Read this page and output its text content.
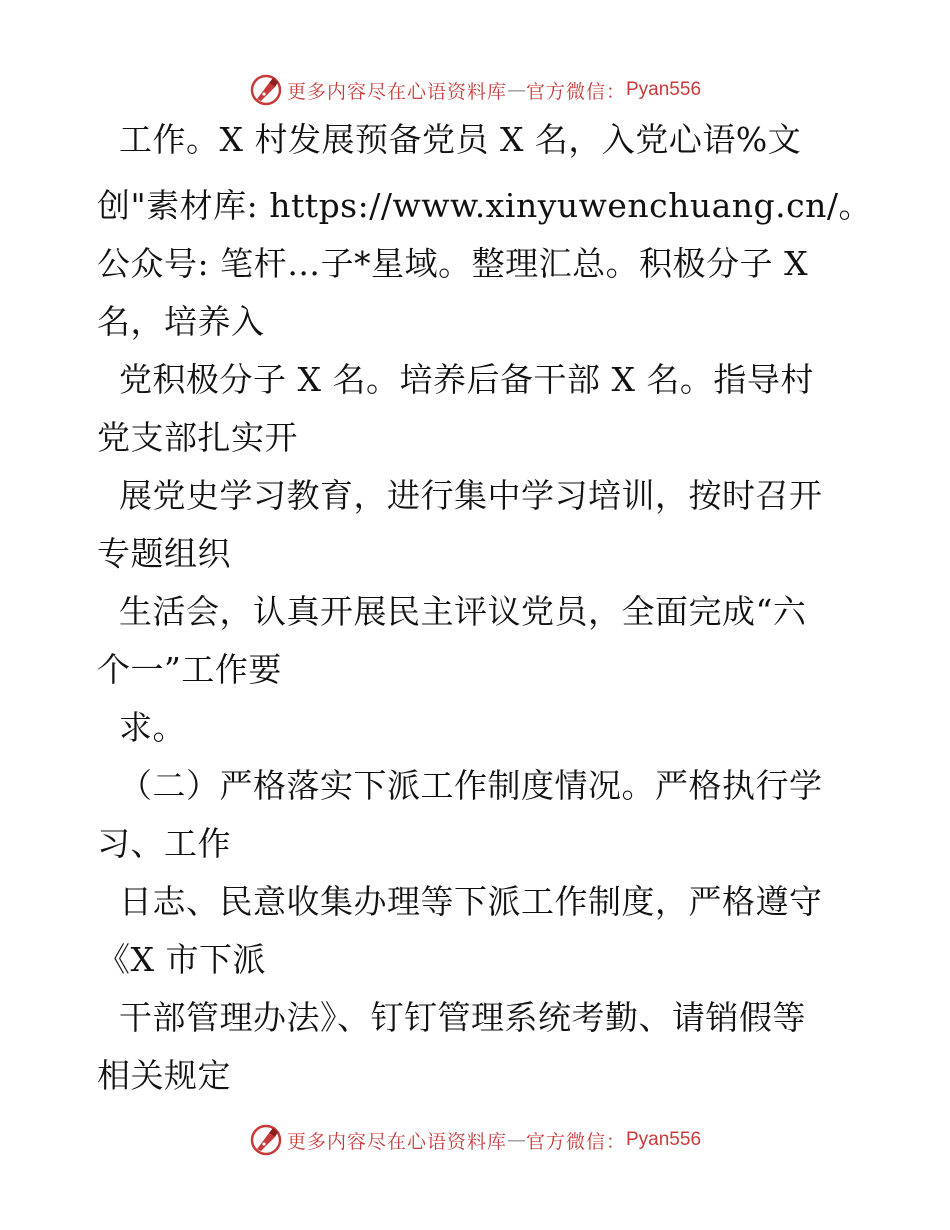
更多内容尽在心语资料库 — 官方微信： Pyan556
工作。X 村发展预备党员 X 名，入党心语%文
创"素材库: https://www.xinyuwenchuang.cn/。
公众号: 笔杆…子*星域。整理汇总。积极分子 X
名，培养入
党积极分子 X 名。培养后备干部 X 名。指导村
党支部扎实开
展党史学习教育，进行集中学习培训，按时召开
专题组织
生活会，认真开展民主评议党员，全面完成“六
个一”工作要
求。
（二）严格落实下派工作制度情况。严格执行学
习、工作
日志、民意收集办理等下派工作制度，严格遵守
《X 市下派
干部管理办法》、钉钉管理系统考勤、请销假等
相关规定
更多内容尽在心语资料库 — 官方微信： Pyan556
